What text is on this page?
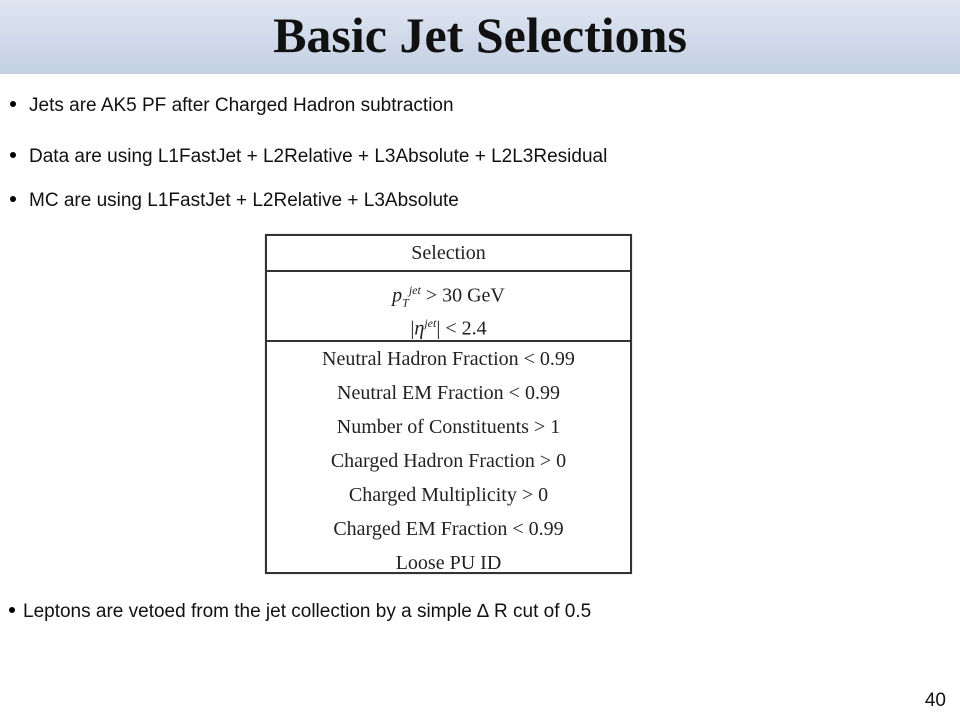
Basic Jet Selections
Jets are AK5 PF after Charged Hadron subtraction
Data are using L1FastJet + L2Relative + L3Absolute + L2L3Residual
MC are using L1FastJet + L2Relative + L3Absolute
Selection
$p_T^{jet} > 30$ GeV
$|\eta^{jet}| < 2.4$
Neutral Hadron Fraction < 0.99
Neutral EM Fraction < 0.99
Number of Constituents > 1
Charged Hadron Fraction > 0
Charged Multiplicity > 0
Charged EM Fraction < 0.99
Loose PU ID
Leptons are vetoed from the jet collection by a simple ∆ R cut of 0.5
40
